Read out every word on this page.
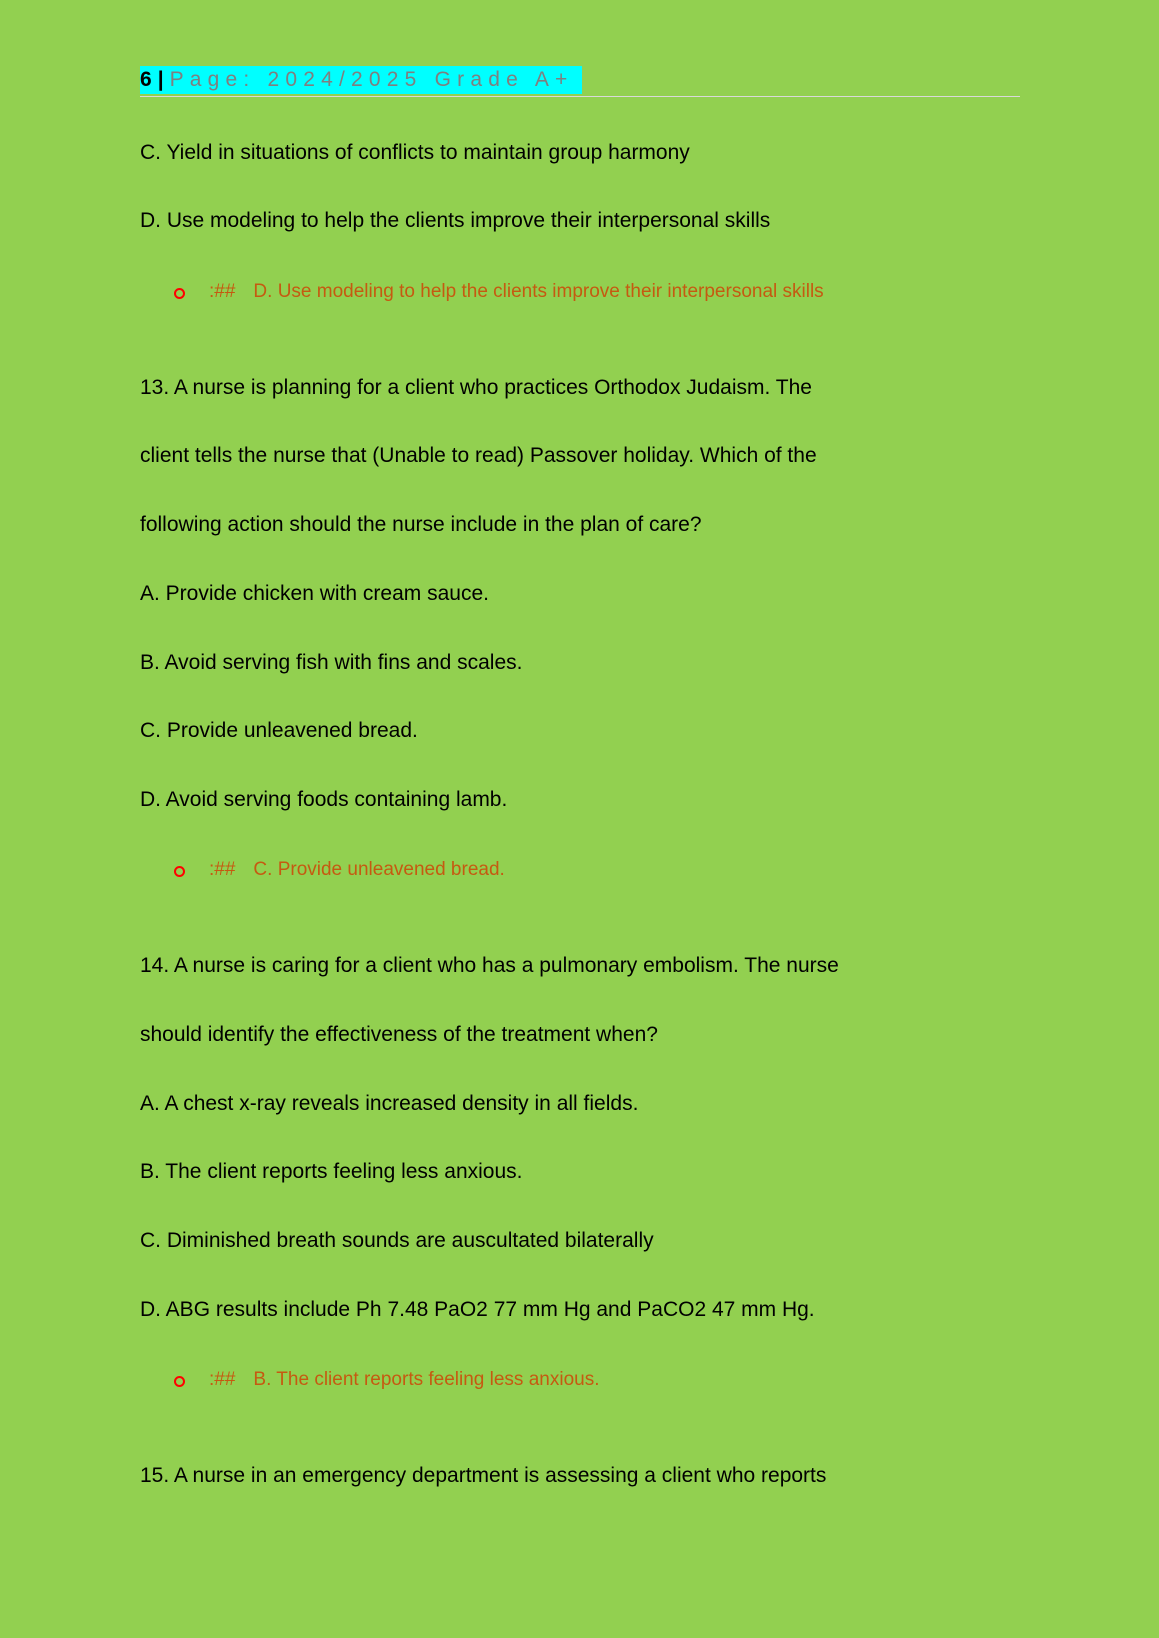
6 | Page: 2024/2025 Grade A+
C. Yield in situations of conflicts to maintain group harmony
D. Use modeling to help the clients improve their interpersonal skills
:## D. Use modeling to help the clients improve their interpersonal skills
13. A nurse is planning for a client who practices Orthodox Judaism. The
client tells the nurse that (Unable to read) Passover holiday. Which of the
following action should the nurse include in the plan of care?
A. Provide chicken with cream sauce.
B. Avoid serving fish with fins and scales.
C. Provide unleavened bread.
D. Avoid serving foods containing lamb.
:## C. Provide unleavened bread.
14. A nurse is caring for a client who has a pulmonary embolism. The nurse
should identify the effectiveness of the treatment when?
A. A chest x-ray reveals increased density in all fields.
B. The client reports feeling less anxious.
C. Diminished breath sounds are auscultated bilaterally
D. ABG results include Ph 7.48 PaO2 77 mm Hg and PaCO2 47 mm Hg.
:## B. The client reports feeling less anxious.
15. A nurse in an emergency department is assessing a client who reports
